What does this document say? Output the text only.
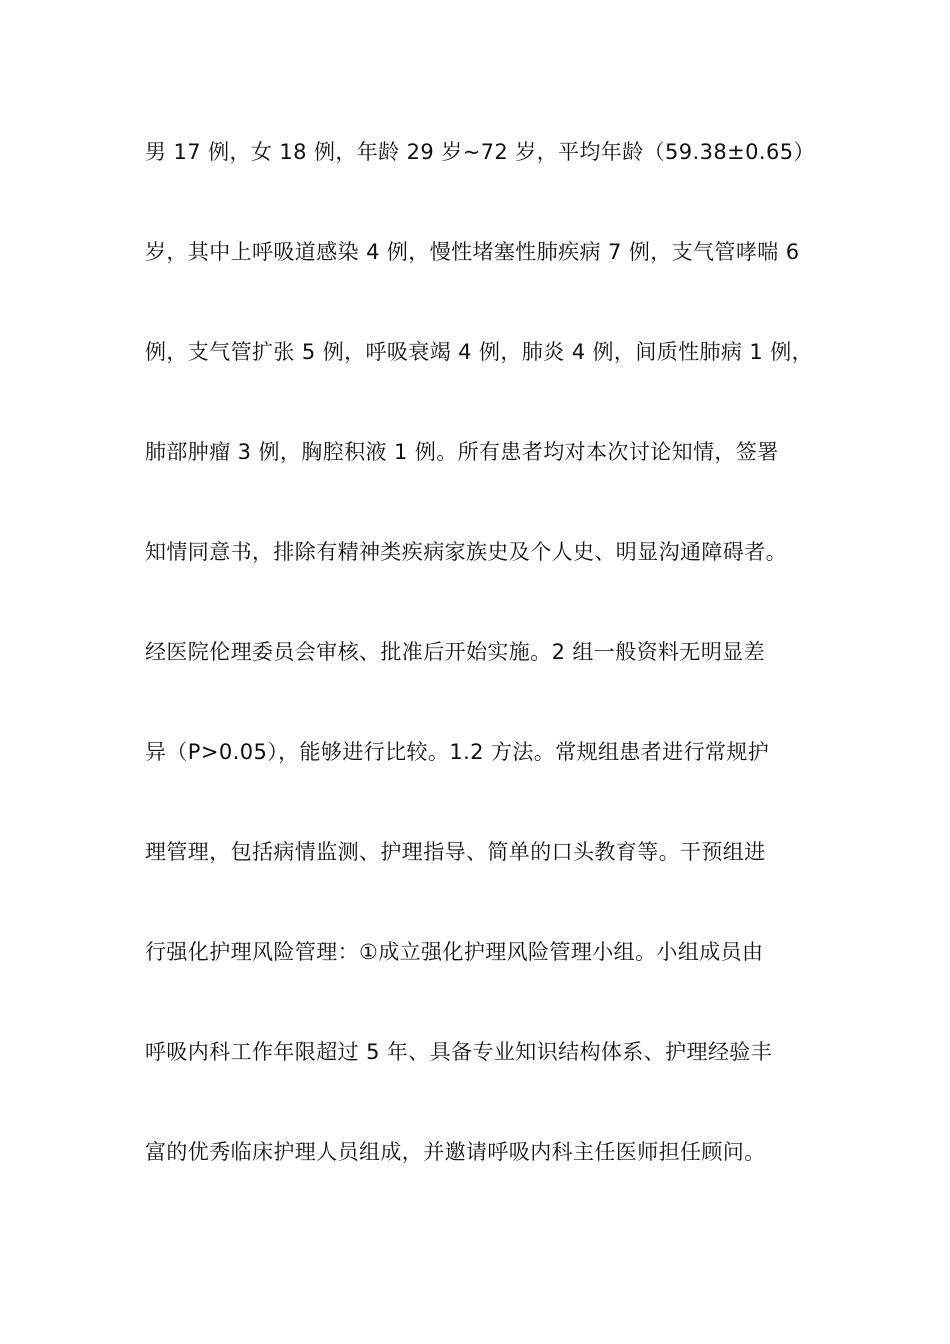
男 17 例，女 18 例，年龄 29 岁~72 岁，平均年龄（59.38±0.65）
岁，其中上呼吸道感染 4 例，慢性堵塞性肺疾病 7 例，支气管哮喘 6
例，支气管扩张 5 例，呼吸衰竭 4 例，肺炎 4 例，间质性肺病 1 例，
肺部肿瘤 3 例，胸腔积液 1 例。所有患者均对本次讨论知情，签署
知情同意书，排除有精神类疾病家族史及个人史、明显沟通障碍者。
经医院伦理委员会审核、批准后开始实施。2 组一般资料无明显差
异（P>0.05），能够进行比较。1.2 方法。常规组患者进行常规护
理管理，包括病情监测、护理指导、简单的口头教育等。干预组进
行强化护理风险管理：①成立强化护理风险管理小组。小组成员由
呼吸内科工作年限超过 5 年、具备专业知识结构体系、护理经验丰
富的优秀临床护理人员组成，并邀请呼吸内科主任医师担任顾问。
